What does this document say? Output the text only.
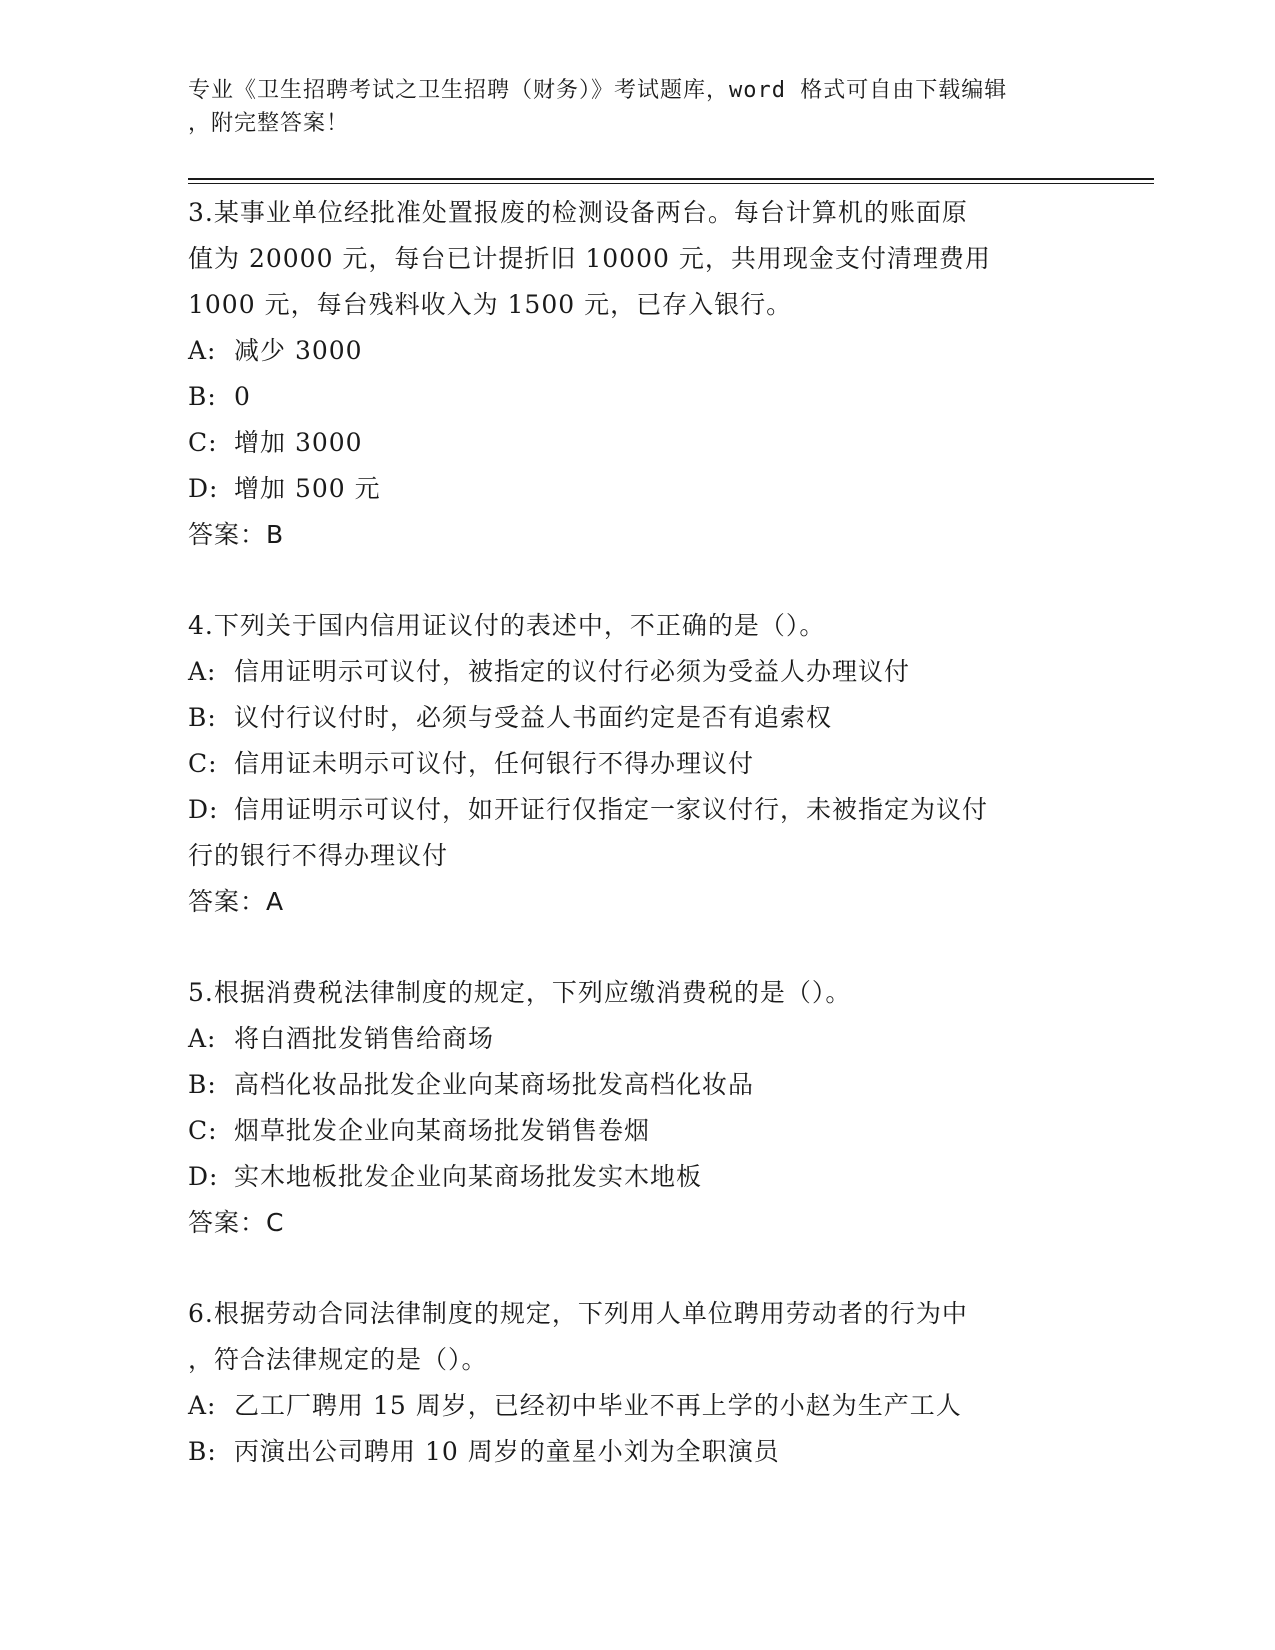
专业《卫生招聘考试之卫生招聘（财务）》考试题库，word 格式可自由下载编辑
，附完整答案！
3.某事业单位经批准处置报废的检测设备两台。每台计算机的账面原
值为 20000 元，每台已计提折旧 10000 元，共用现金支付清理费用
1000 元，每台残料收入为 1500 元，已存入银行。
A: 减少 3000
B: 0
C: 增加 3000
D: 增加 500 元
答案：B
4.下列关于国内信用证议付的表述中，不正确的是（）。
A: 信用证明示可议付，被指定的议付行必须为受益人办理议付
B: 议付行议付时，必须与受益人书面约定是否有追索权
C: 信用证未明示可议付，任何银行不得办理议付
D: 信用证明示可议付，如开证行仅指定一家议付行，未被指定为议付
行的银行不得办理议付
答案：A
5.根据消费税法律制度的规定，下列应缴消费税的是（）。
A: 将白酒批发销售给商场
B: 高档化妆品批发企业向某商场批发高档化妆品
C: 烟草批发企业向某商场批发销售卷烟
D: 实木地板批发企业向某商场批发实木地板
答案：C
6.根据劳动合同法律制度的规定，下列用人单位聘用劳动者的行为中
，符合法律规定的是（）。
A: 乙工厂聘用 15 周岁，已经初中毕业不再上学的小赵为生产工人
B: 丙演出公司聘用 10 周岁的童星小刘为全职演员
